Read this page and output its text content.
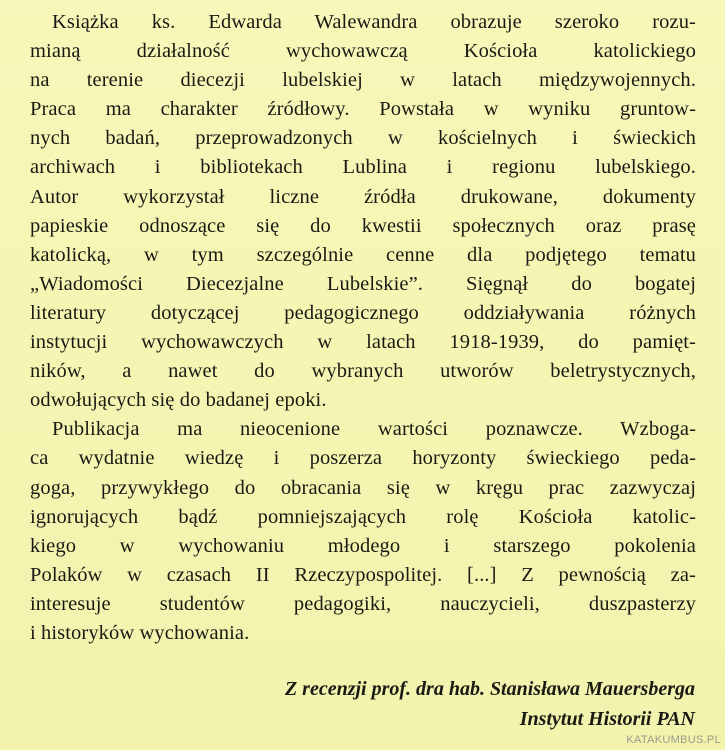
Książka ks. Edwarda Walewandra obrazuje szeroko rozu-
mianą działalność wychowawczą Kościoła katolickiego
na terenie diecezji lubelskiej w latach międzywojennych.
Praca ma charakter źródłowy. Powstała w wyniku gruntow-
nych badań, przeprowadzonych w kościelnych i świeckich
archiwach i bibliotekach Lublina i regionu lubelskiego.
Autor wykorzystał liczne źródła drukowane, dokumenty
papieskie odnoszące się do kwestii społecznych oraz prasę
katolicką, w tym szczególnie cenne dla podjętego tematu
„Wiadomości Diecezjalne Lubelskie”. Sięgnął do bogatej
literatury dotyczącej pedagogicznego oddziaływania różnych
instytucji wychowawczych w latach 1918-1939, do pamięt-
ników, a nawet do wybranych utworów beletrystycznych,
odwołujących się do badanej epoki.
Publikacja ma nieocenione wartości poznawcze. Wzboga-
ca wydatnie wiedzę i poszerza horyzonty świeckiego peda-
goga, przywykłego do obracania się w kręgu prac zazwyczaj
ignorujących bądź pomniejszających rolę Kościoła katolic-
kiego w wychowaniu młodego i starszego pokolenia
Polaków w czasach II Rzeczypospolitej. [...] Z pewnością za-
interesuje studentów pedagogiki, nauczycieli, duszpasterzy
i historyków wychowania.
Z recenzji prof. dra hab. Stanisława Mauersberga
Instytut Historii PAN
KATAKUMBUS.PL
